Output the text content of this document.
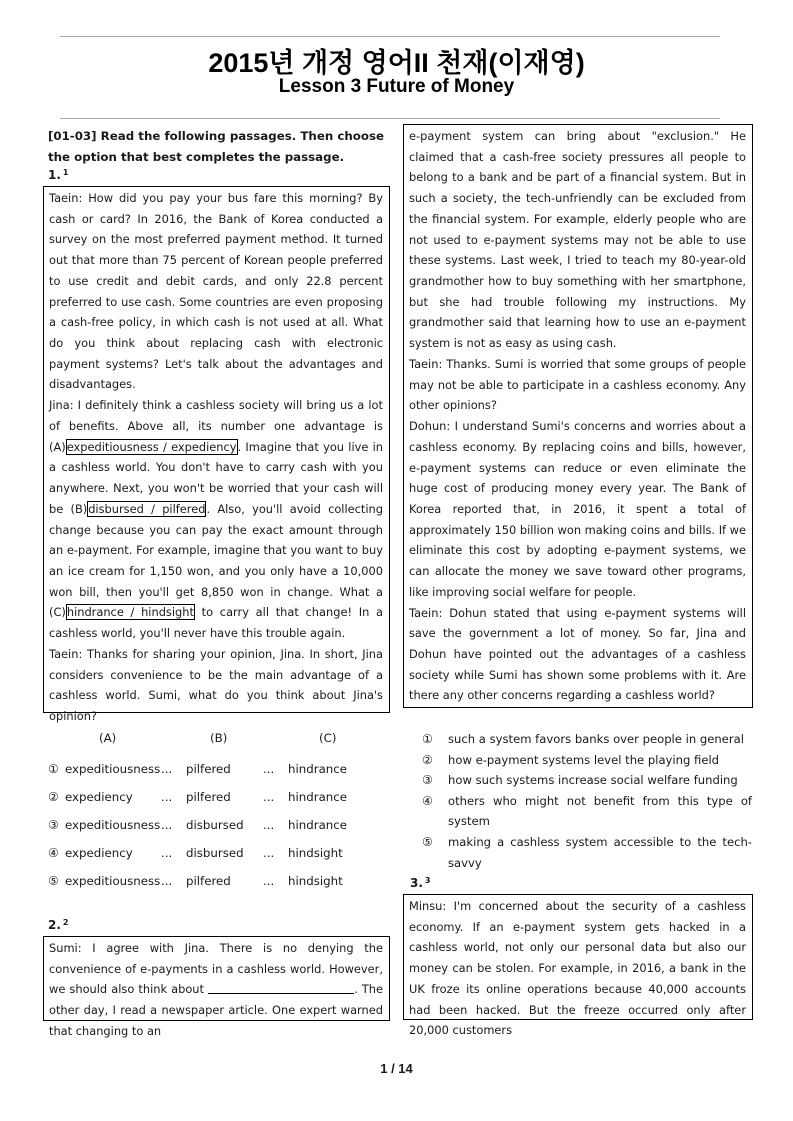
2015년 개정 영어II 천재(이재영)
Lesson 3 Future of Money
[01-03] Read the following passages. Then choose the option that best completes the passage.
1. $^1$

Taein: How did you pay your bus fare this morning? By cash or card? In 2016, the Bank of Korea conducted a survey on the most preferred payment method. It turned out that more than 75 percent of Korean people preferred to use credit and debit cards, and only 22.8 percent preferred to use cash. Some countries are even proposing a cash-free policy, in which cash is not used at all. What do you think about replacing cash with electronic payment systems? Let's talk about the advantages and disadvantages.

Jina: I definitely think a cashless society will bring us a lot of benefits. Above all, its number one advantage is (A)expeditiousness / expediency. Imagine that you live in a cashless world. You don't have to carry cash with you anywhere. Next, you won't be worried that your cash will be (B)disbursed / pilfered. Also, you'll avoid collecting change because you can pay the exact amount through an e-payment. For example, imagine that you want to buy an ice cream for 1,150 won, and you only have a 10,000 won bill, then you'll get 8,850 won in change. What a (C)hindrance / hindsight to carry all that change! In a cashless world, you'll never have this trouble again.

Taein: Thanks for sharing your opinion, Jina. In short, Jina considers convenience to be the main advantage of a cashless world. Sumi, what do you think about Jina's opinion?

(A)	(B)	(C)
① expeditiousness ... pilfered	... hindrance
② expediency ... pilfered	... hindrance
③ expeditiousness ... disbursed ... hindrance
④ expediency ... disbursed ... hindsight
⑤ expeditiousness ... pilfered	... hindsight
2. $^2$

Sumi: I agree with Jina. There is no denying the convenience of e-payments in a cashless world. However, we should also think about	. The other day, I read a newspaper article. One expert warned that changing to an

e-payment system can bring about "exclusion." He claimed that a cash-free society pressures all people to belong to a bank and be part of a financial system. But in such a society, the tech-unfriendly can be excluded from the financial system. For example, elderly people who are not used to e-payment systems may not be able to use these systems. Last week, I tried to teach my 80-year-old grandmother how to buy something with her smartphone, but she had trouble following my instructions. My grandmother said that learning how to use an e-payment system is not as easy as using cash.

Taein: Thanks. Sumi is worried that some groups of people may not be able to participate in a cashless economy. Any other opinions?

Dohun: I understand Sumi's concerns and worries about a cashless economy. By replacing coins and bills, however, e-payment systems can reduce or even eliminate the huge cost of producing money every year. The Bank of Korea reported that, in 2016, it spent a total of approximately 150 billion won making coins and bills. If we eliminate this cost by adopting e-payment systems, we can allocate the money we save toward other programs, like improving social welfare for people.

Taein: Dohun stated that using e-payment systems will save the government a lot of money. So far, Jina and Dohun have pointed out the advantages of a cashless society while Sumi has shown some problems with it. Are there any other concerns regarding a cashless world?

① such a system favors banks over people in general
② how e-payment systems level the playing field
③ how such systems increase social welfare funding
④ others who might not benefit from this type of system
⑤ making a cashless system accessible to the tech-savvy
3. $^3$

Minsu: I'm concerned about the security of a cashless economy. If an e-payment system gets hacked in a cashless world, not only our personal data but also our money can be stolen. For example, in 2016, a bank in the UK froze its online operations because 40,000 accounts had been hacked. But the freeze occurred only after 20,000 customers

1 / 14
